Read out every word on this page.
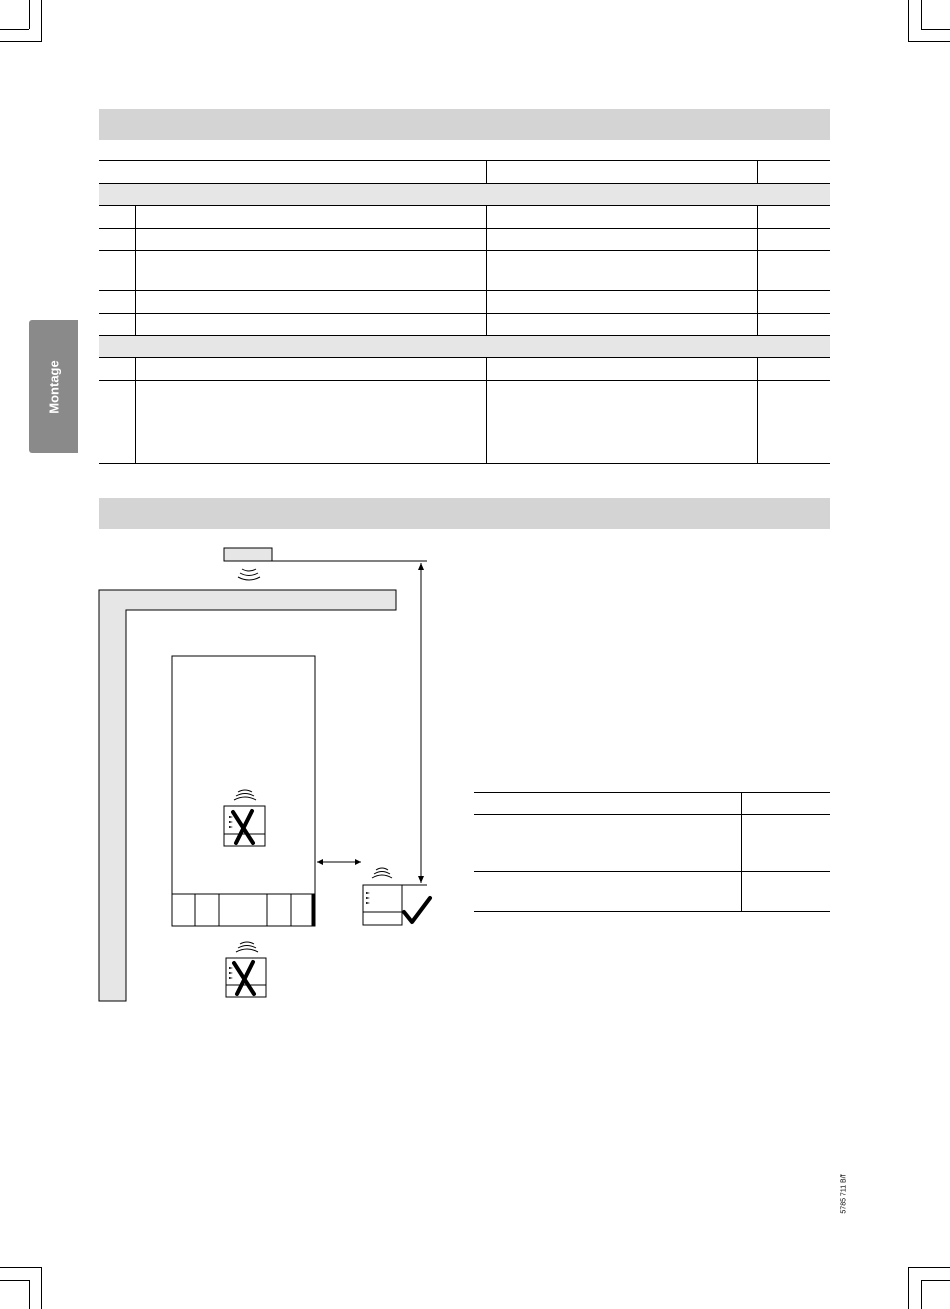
Montage
5785 711 B/f
